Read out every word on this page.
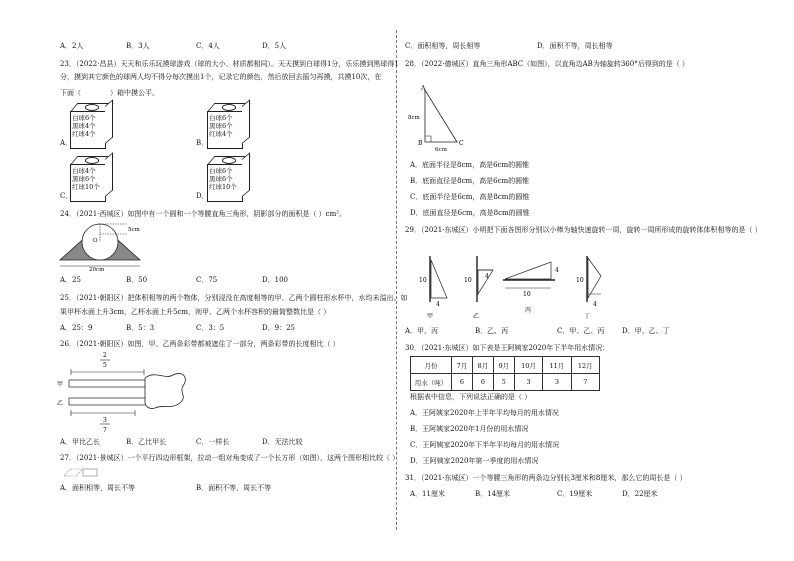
A．2人	B．3人	C．4人	D．5人
23．（2022·昌县）天天和乐乐玩摸球游戏（球的大小、材质都相同）。天天摸到白球得1分，乐乐摸到黑球得1
分，摸到其它颜色的球两人均不得分每次摸出1个，记录它的颜色，然后放回去摇匀再摸，共摸10次，在
下面（	）箱中摸公平。
白球6个
黑球4个
红球4个
A．
白球6个
黑球6个
红球4个
B．
白球4个
黑球6个
红球10个
C．
白球6个
黑球6个
红球10个
D．
24．（2021·西城区）如图中有一个圆和一个等腰直角三角形，阴影部分的面积是（ ）cm²。
O
5cm
20cm
A．25	B．50	C．75	D．100
25．（2021·朝阳区）把体积相等的两个物体，分别浸没在高度相等的甲、乙两个圆柱形水杯中，水均未溢出。如
果甲杯水面上升3cm，乙杯水面上升5cm，则甲、乙两个水杯容积的最简整数比是（ ）
A．25：9	B．5：3	C．3：5	D．9：25
26．（2021·朝阳区）如图，甲、乙两条彩带都被遮住了一部分，两条彩带的长度相比（ ）
2
5
甲
乙
3
7
A．甲比乙长	B．乙比甲长	C．一样长	D．无法比较
27．（2021·景城区）一个平行四边形框架，拉动一组对角变成了一个长方形（如图），这两个图形相比较（ ）
A．面积相等，周长不等	B．面积不等，周长不等
C．面积相等，周长相等	D．面积不等，周长相等
28．（2022·德城区）直角三角形ABC（如图），以直角边AB为轴旋转360°后得到的是（ ）
A
B	C
8cm
6cm
A．底面半径是8cm，高是6cm的圆锥
B．底面直径是8cm，高是6cm的圆锥
C．底面半径是6cm，高是8cm的圆锥
D．底面直径是6cm，高是8cm的圆锥
29．（2021·东城区）小明把下面各图形分别以小棒为轴快速旋转一周，旋转一周所形成的旋转体体积相等的是（ ）
10
4
甲
10
4
乙
4
10
丙
10
4
丁
A．甲、丙	B．乙、丙	C．甲、乙、丙	D．甲、乙、丁
30．（2021·东城区）如下表是王阿姨家2020年下半年用水情况：
月份	7月	8月	9月	10月	11月	12月
用水（吨）	6	6	5	3	3	7
根据表中信息，下列说法正确的是（ ）
A．王阿姨家2020年上半年平均每月的用水情况
B．王阿姨家2020年1月份的用水情况
C．王阿姨家2020年下半年平均每月的用水情况
D．王阿姨家2020年第一季度的用水情况
31．（2021·东城区）一个等腰三角形的两条边分别长3厘米和8厘米，那么它的周长是（ ）
A．11厘米	B．14厘米	C．19厘米	D．22厘米
